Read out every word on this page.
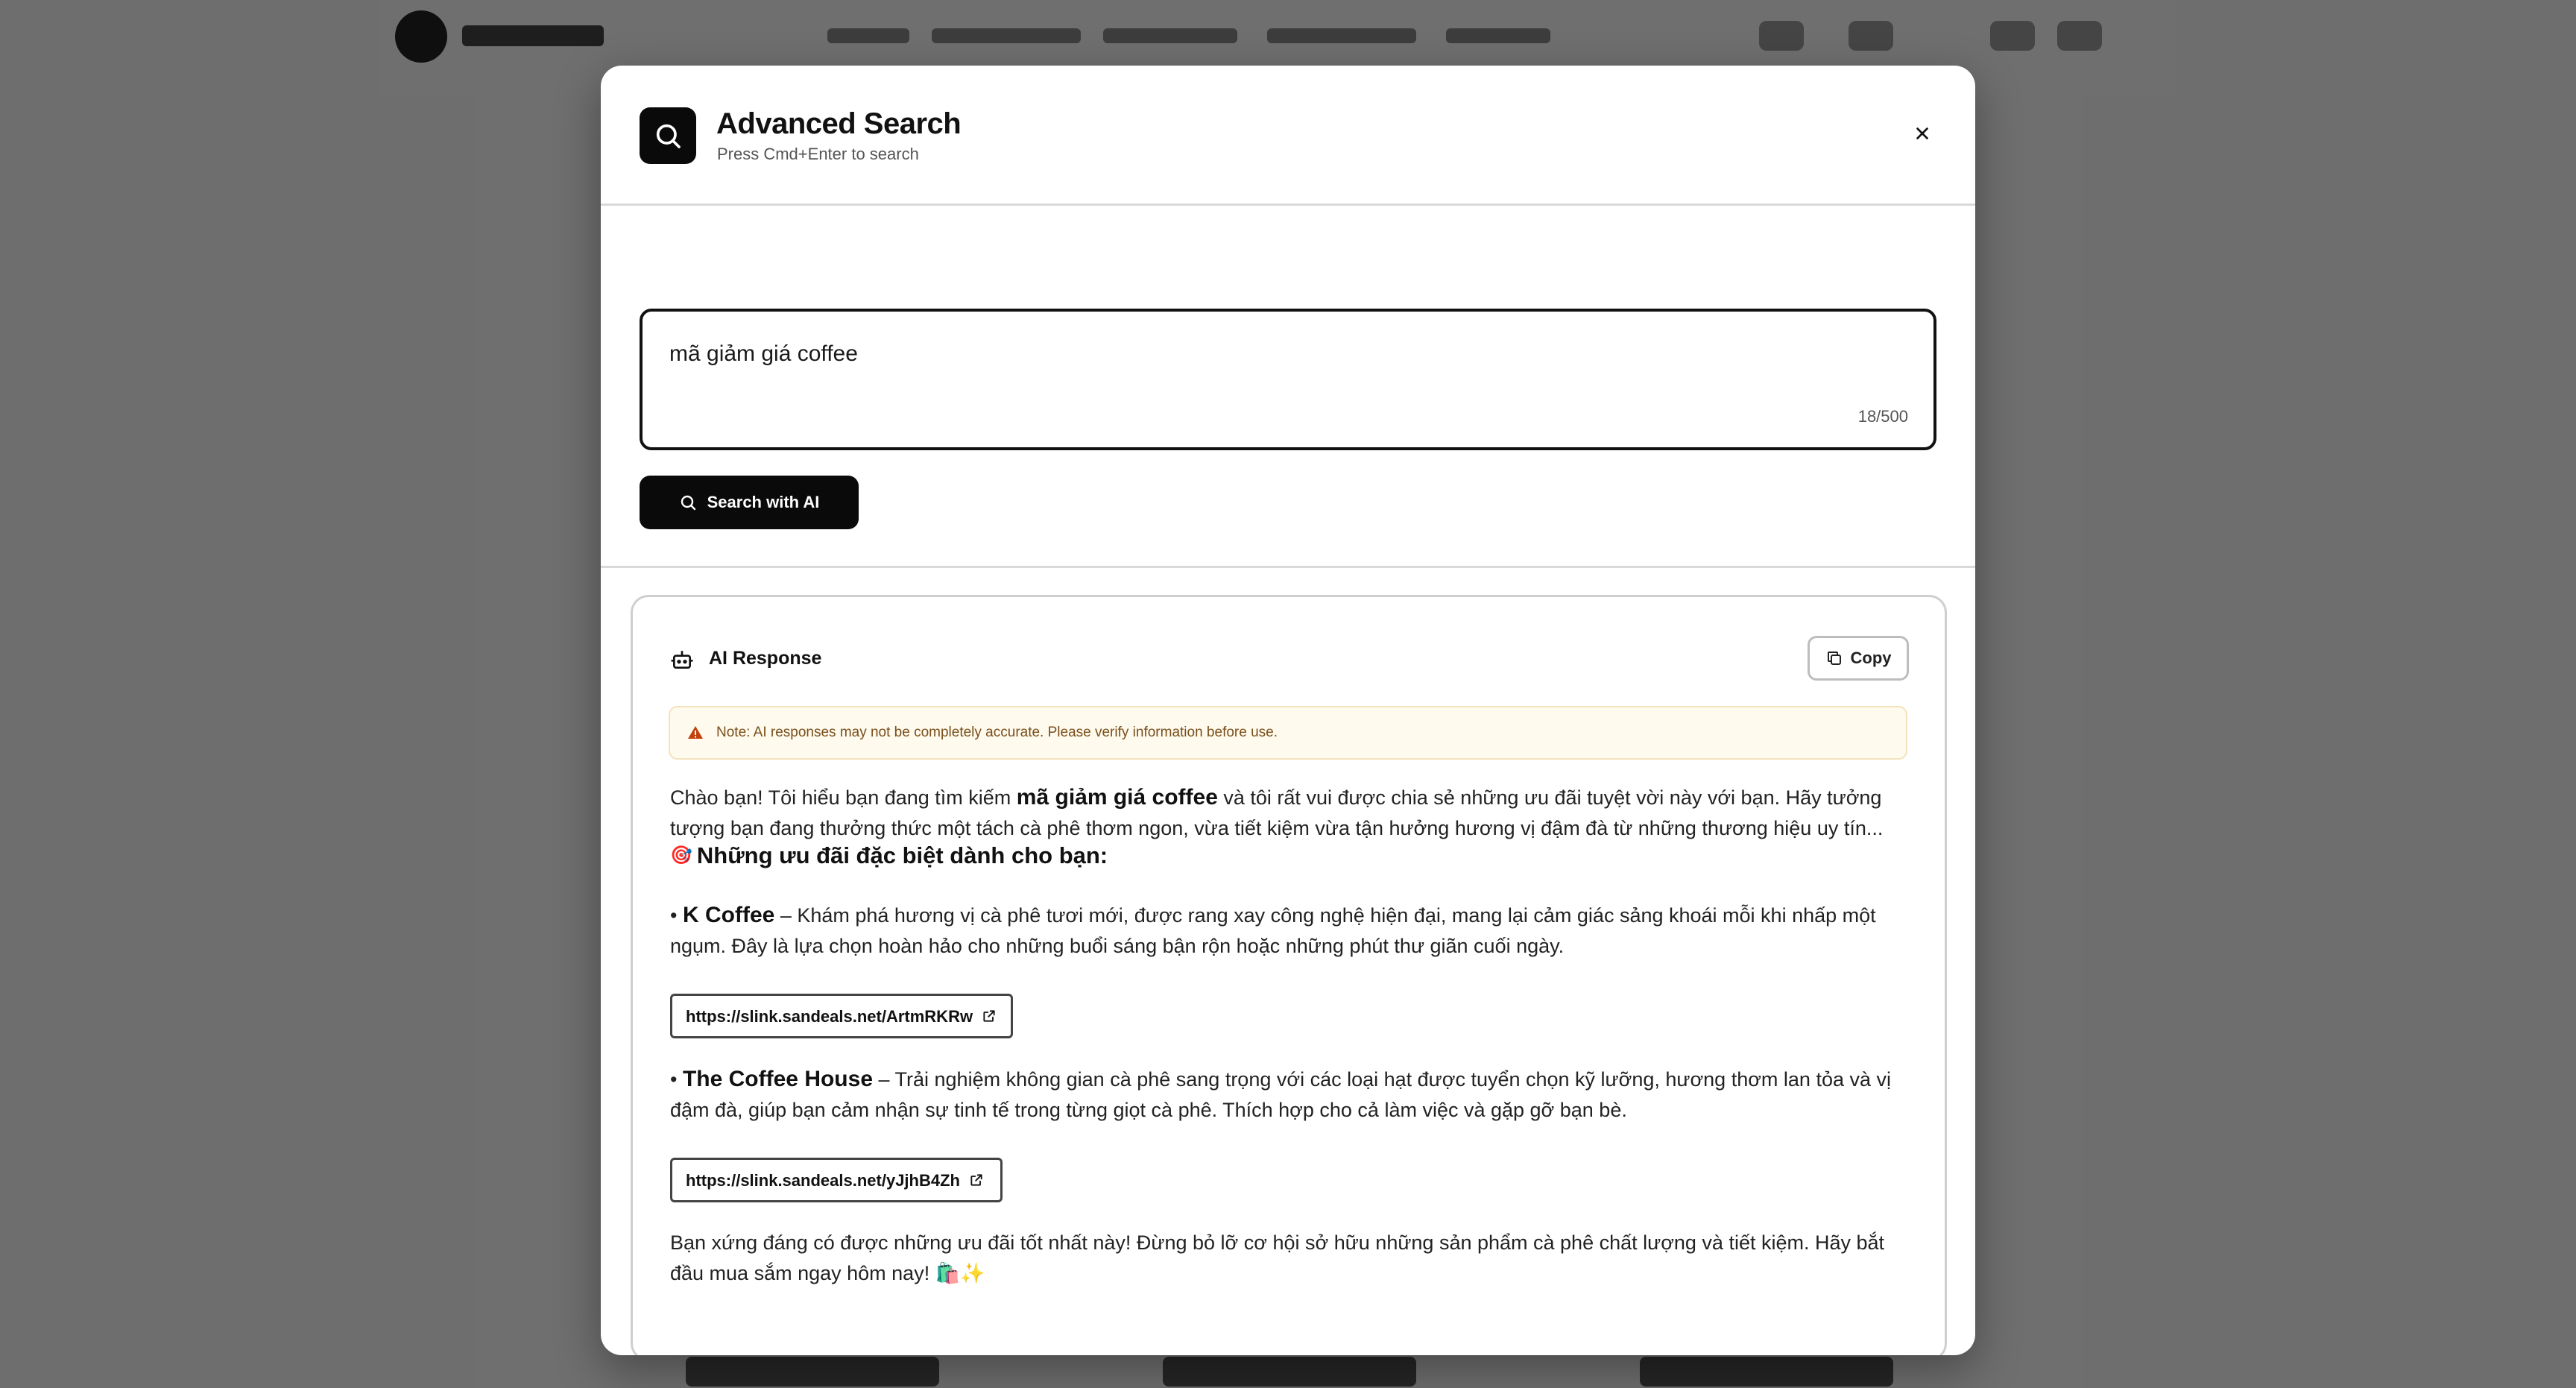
Advanced Search
Press Cmd+Enter to search
mã giảm giá coffee
18/500
Search with AI
AI Response	Copy
Note: AI responses may not be completely accurate. Please verify information before use.

Chào bạn! Tôi hiểu bạn đang tìm kiếm mã giảm giá coffee và tôi rất vui được chia sẻ những ưu đãi tuyệt vời này với bạn. Hãy tưởng tượng bạn đang thưởng thức một tách cà phê thơm ngon, vừa tiết kiệm vừa tận hưởng hương vị đậm đà từ những thương hiệu uy tín...

🎯 Những ưu đãi đặc biệt dành cho bạn:

• K Coffee – Khám phá hương vị cà phê tươi mới, được rang xay công nghệ hiện đại, mang lại cảm giác sảng khoái mỗi khi nhấp một ngụm. Đây là lựa chọn hoàn hảo cho những buổi sáng bận rộn hoặc những phút thư giãn cuối ngày.

https://slink.sandeals.net/ArtmRKRw

• The Coffee House – Trải nghiệm không gian cà phê sang trọng với các loại hạt được tuyển chọn kỹ lưỡng, hương thơm lan tỏa và vị đậm đà, giúp bạn cảm nhận sự tinh tế trong từng giọt cà phê. Thích hợp cho cả làm việc và gặp gỡ bạn bè.

https://slink.sandeals.net/yJjhB4Zh

Bạn xứng đáng có được những ưu đãi tốt nhất này! Đừng bỏ lỡ cơ hội sở hữu những sản phẩm cà phê chất lượng và tiết kiệm. Hãy bắt đầu mua sắm ngay hôm nay! 🛍️✨
